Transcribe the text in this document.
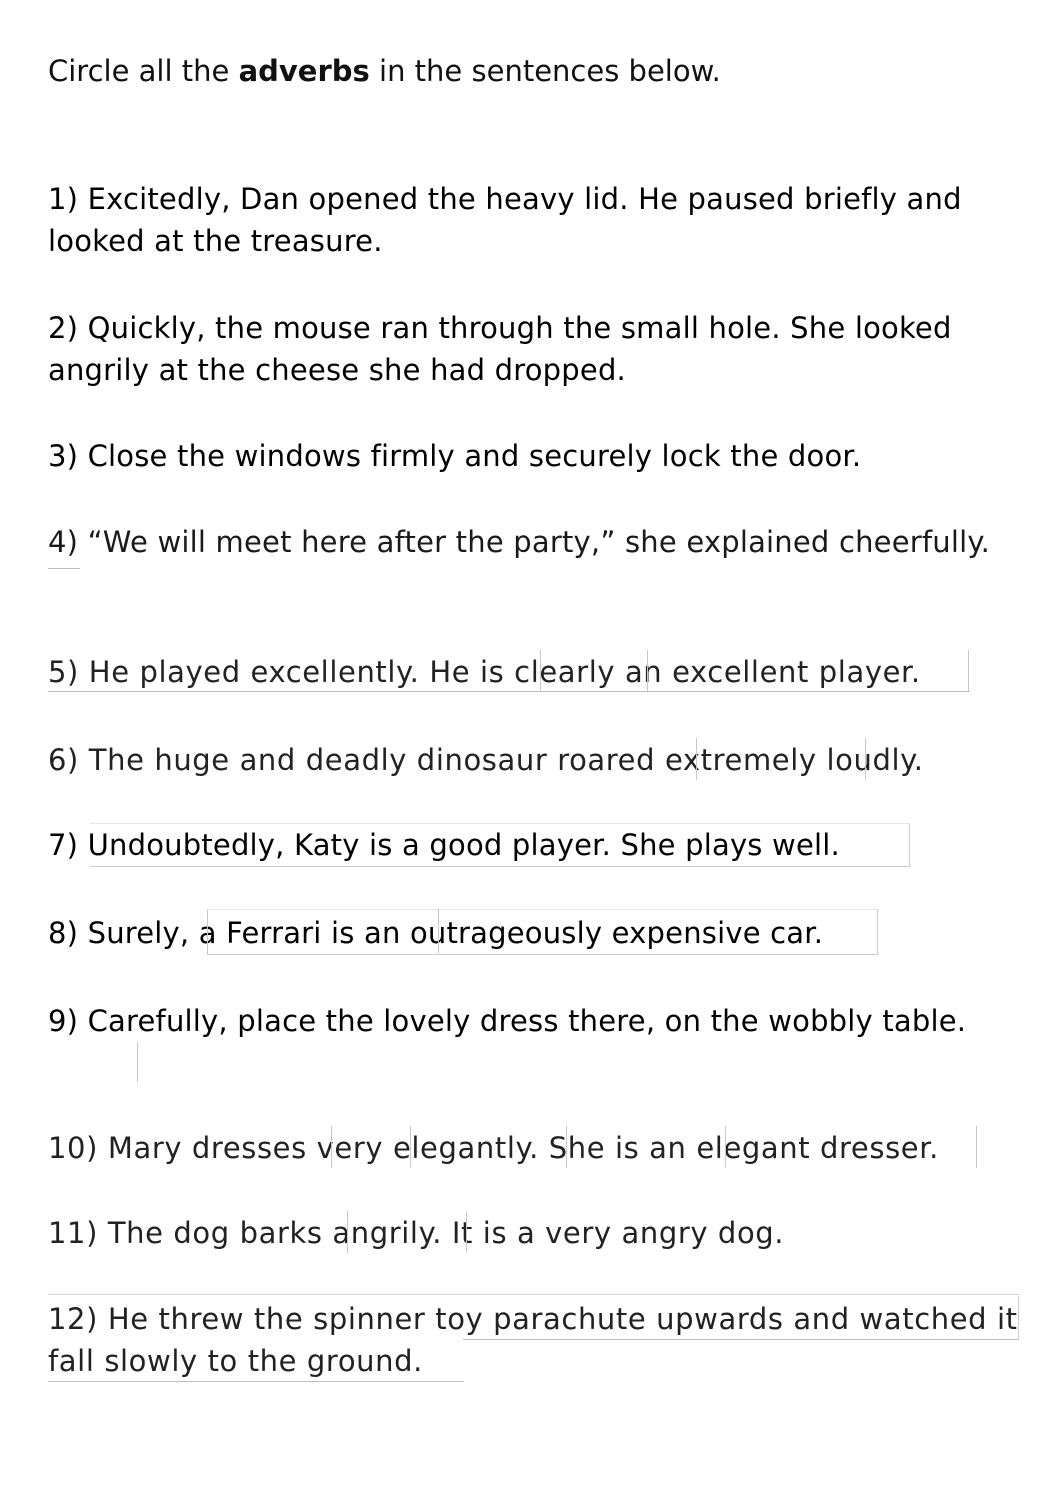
Circle all the adverbs in the sentences below.
1) Excitedly, Dan opened the heavy lid. He paused briefly and looked at the treasure.
2) Quickly, the mouse ran through the small hole. She looked angrily at the cheese she had dropped.
3) Close the windows firmly and securely lock the door.
4) “We will meet here after the party,” she explained cheerfully.
5) He played excellently. He is clearly an excellent player.
6) The huge and deadly dinosaur roared extremely loudly.
7) Undoubtedly, Katy is a good player. She plays well.
8) Surely, a Ferrari is an outrageously expensive car.
9) Carefully, place the lovely dress there, on the wobbly table.
10) Mary dresses very elegantly. She is an elegant dresser.
11) The dog barks angrily. It is a very angry dog.
12) He threw the spinner toy parachute upwards and watched it fall slowly to the ground.
